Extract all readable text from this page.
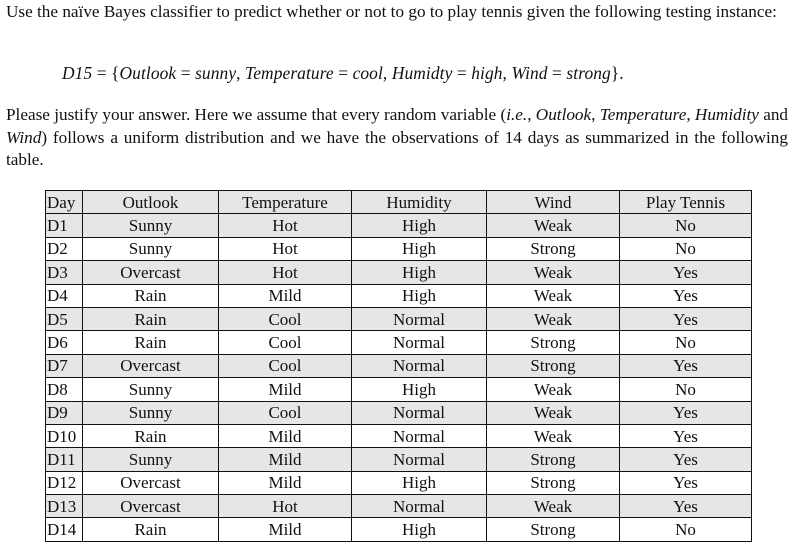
Use the naïve Bayes classifier to predict whether or not to go to play tennis given the following testing instance:
D15 = {Outlook = sunny, Temperature = cool, Humidty = high, Wind = strong}.
Please justify your answer. Here we assume that every random variable (i.e., Outlook, Temperature, Humidity and Wind) follows a uniform distribution and we have the observations of 14 days as summarized in the following table.
Day	Outlook	Temperature	Humidity	Wind	Play Tennis
D1	Sunny	Hot	High	Weak	No
D2	Sunny	Hot	High	Strong	No
D3	Overcast	Hot	High	Weak	Yes
D4	Rain	Mild	High	Weak	Yes
D5	Rain	Cool	Normal	Weak	Yes
D6	Rain	Cool	Normal	Strong	No
D7	Overcast	Cool	Normal	Strong	Yes
D8	Sunny	Mild	High	Weak	No
D9	Sunny	Cool	Normal	Weak	Yes
D10	Rain	Mild	Normal	Weak	Yes
D11	Sunny	Mild	Normal	Strong	Yes
D12	Overcast	Mild	High	Strong	Yes
D13	Overcast	Hot	Normal	Weak	Yes
D14	Rain	Mild	High	Strong	No
